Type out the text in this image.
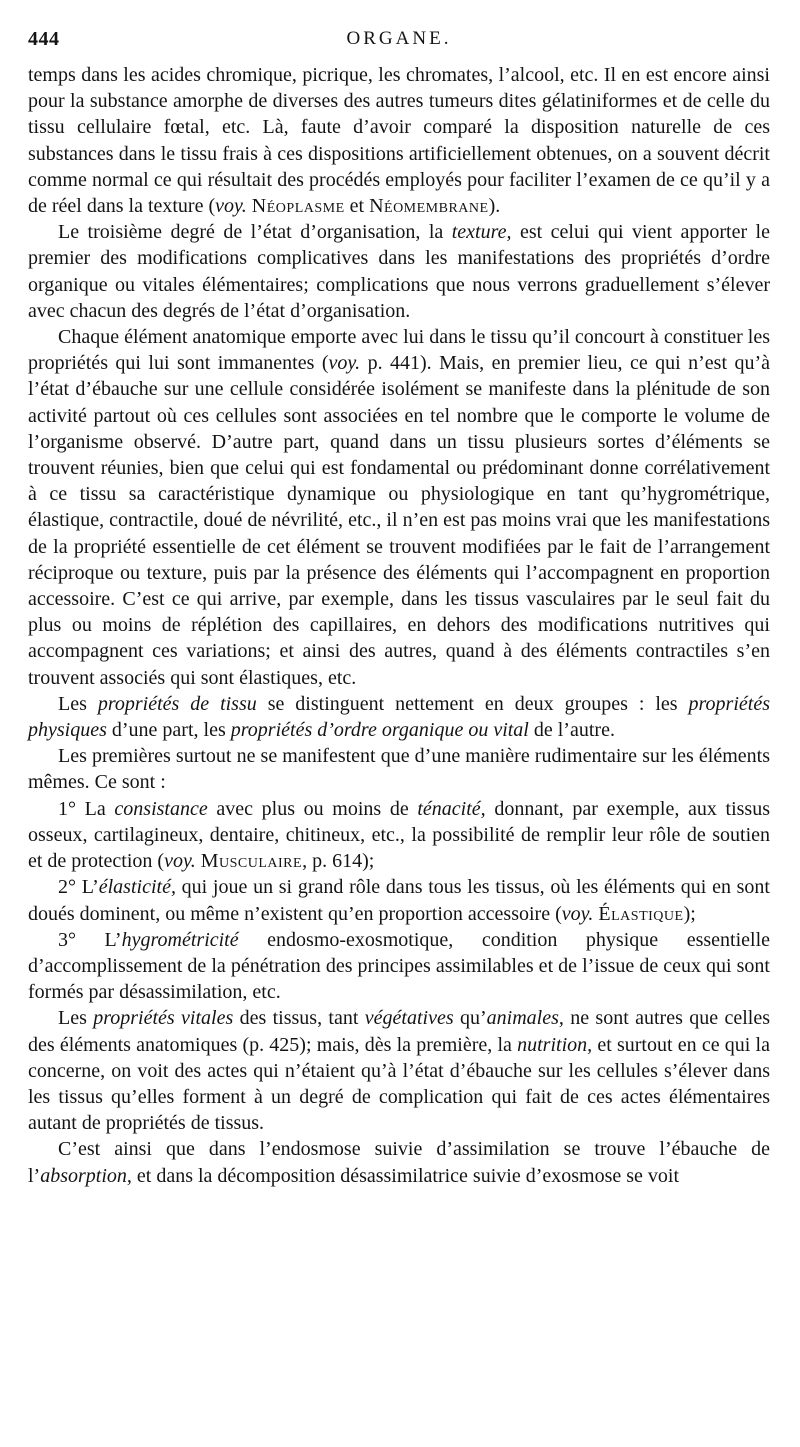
444	ORGANE.

temps dans les acides chromique, picrique, les chromates, l’alcool, etc. Il en est encore ainsi pour la substance amorphe de diverses des autres tumeurs dites gélatiniformes et de celle du tissu cellulaire fœtal, etc. Là, faute d’avoir comparé la disposition naturelle de ces substances dans le tissu frais à ces dispositions artificiellement obtenues, on a souvent décrit comme normal ce qui résultait des procédés employés pour faciliter l’examen de ce qu’il y a de réel dans la texture (voy. Néoplasme et Néomembrane).

Le troisième degré de l’état d’organisation, la texture, est celui qui vient apporter le premier des modifications complicatives dans les manifestations des propriétés d’ordre organique ou vitales élémentaires; complications que nous verrons graduellement s’élever avec chacun des degrés de l’état d’organisation.

Chaque élément anatomique emporte avec lui dans le tissu qu’il concourt à constituer les propriétés qui lui sont immanentes (voy. p. 441). Mais, en premier lieu, ce qui n’est qu’à l’état d’ébauche sur une cellule considérée isolément se manifeste dans la plénitude de son activité partout où ces cellules sont associées en tel nombre que le comporte le volume de l’organisme observé. D’autre part, quand dans un tissu plusieurs sortes d’éléments se trouvent réunies, bien que celui qui est fondamental ou prédominant donne corrélativement à ce tissu sa caractéristique dynamique ou physiologique en tant qu’hygrométrique, élastique, contractile, doué de névrilité, etc., il n’en est pas moins vrai que les manifestations de la propriété essentielle de cet élément se trouvent modifiées par le fait de l’arrangement réciproque ou texture, puis par la présence des éléments qui l’accompagnent en proportion accessoire. C’est ce qui arrive, par exemple, dans les tissus vasculaires par le seul fait du plus ou moins de réplétion des capillaires, en dehors des modifications nutritives qui accompagnent ces variations; et ainsi des autres, quand à des éléments contractiles s’en trouvent associés qui sont élastiques, etc.

Les propriétés de tissu se distinguent nettement en deux groupes : les propriétés physiques d’une part, les propriétés d’ordre organique ou vital de l’autre.

Les premières surtout ne se manifestent que d’une manière rudimentaire sur les éléments mêmes. Ce sont :

1° La consistance avec plus ou moins de ténacité, donnant, par exemple, aux tissus osseux, cartilagineux, dentaire, chitineux, etc., la possibilité de remplir leur rôle de soutien et de protection (voy. Musculaire, p. 614);

2° L’élasticité, qui joue un si grand rôle dans tous les tissus, où les éléments qui en sont doués dominent, ou même n’existent qu’en proportion accessoire (voy. Élastique);

3° L’hygrométricité endosmo-exosmotique, condition physique essentielle d’accomplissement de la pénétration des principes assimilables et de l’issue de ceux qui sont formés par désassimilation, etc.

Les propriétés vitales des tissus, tant végétatives qu’animales, ne sont autres que celles des éléments anatomiques (p. 425); mais, dès la première, la nutrition, et surtout en ce qui la concerne, on voit des actes qui n’étaient qu’à l’état d’ébauche sur les cellules s’élever dans les tissus qu’elles forment à un degré de complication qui fait de ces actes élémentaires autant de propriétés de tissus.

C’est ainsi que dans l’endosmose suivie d’assimilation se trouve l’ébauche de l’absorption, et dans la décomposition désassimilatrice suivie d’exosmose se voit
